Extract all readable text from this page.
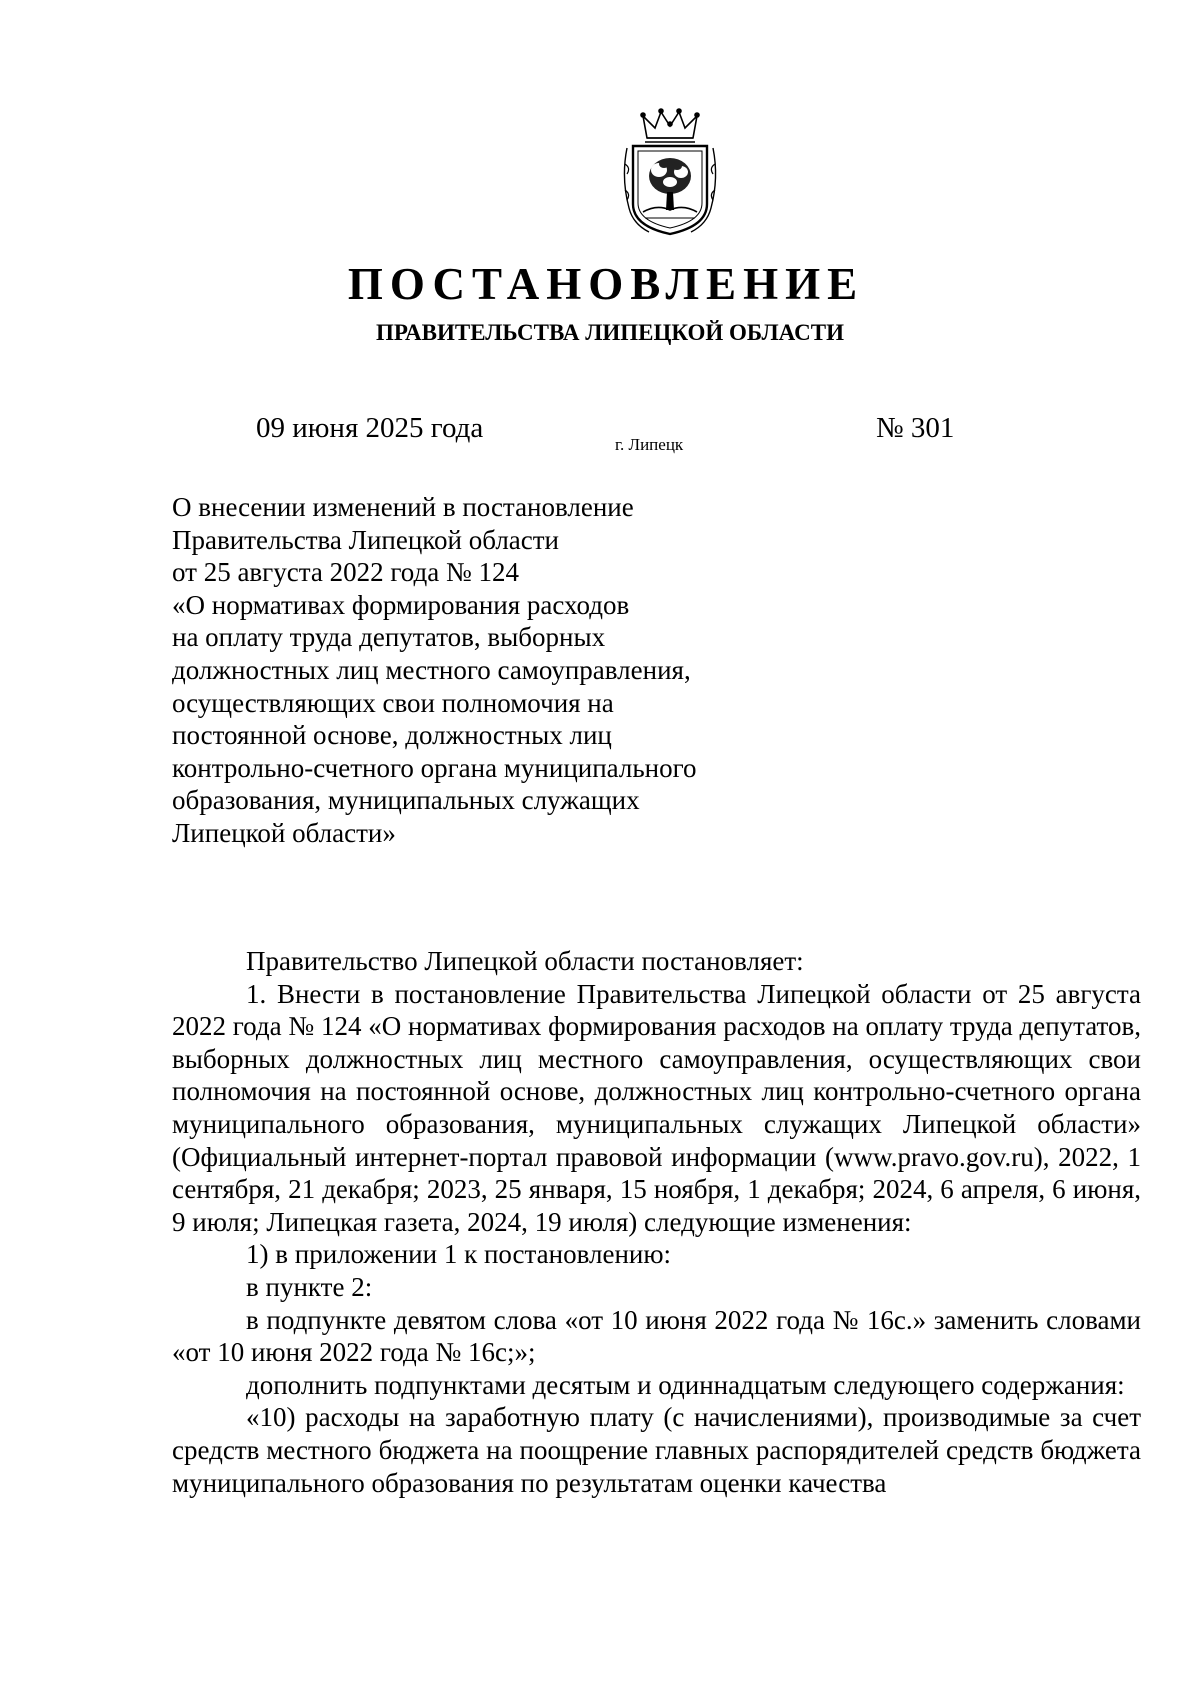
ПОСТАНОВЛЕНИЕ
ПРАВИТЕЛЬСТВА ЛИПЕЦКОЙ ОБЛАСТИ
09 июня 2025 года
г. Липецк
№ 301
О внесении изменений в постановление
Правительства Липецкой области
от 25 августа 2022 года № 124
«О нормативах формирования расходов
на оплату труда депутатов, выборных
должностных лиц местного самоуправления,
осуществляющих свои полномочия на
постоянной основе, должностных лиц
контрольно-счетного органа муниципального
образования, муниципальных служащих
Липецкой области»

Правительство Липецкой области постановляет:

1. Внести в постановление Правительства Липецкой области от 25 августа 2022 года № 124 «О нормативах формирования расходов на оплату труда депутатов, выборных должностных лиц местного самоуправления, осуществляющих свои полномочия на постоянной основе, должностных лиц контрольно-счетного органа муниципального образования, муниципальных служащих Липецкой области» (Официальный интернет-портал правовой информации (www.pravo.gov.ru), 2022, 1 сентября, 21 декабря; 2023, 25 января, 15 ноября, 1 декабря; 2024, 6 апреля, 6 июня, 9 июля; Липецкая газета, 2024, 19 июля) следующие изменения:

1) в приложении 1 к постановлению:

в пункте 2:

в подпункте девятом слова «от 10 июня 2022 года № 16с.» заменить словами «от 10 июня 2022 года № 16с;»;

дополнить подпунктами десятым и одиннадцатым следующего содержания:

«10) расходы на заработную плату (с начислениями), производимые за счет средств местного бюджета на поощрение главных распорядителей средств бюджета муниципального образования по результатам оценки качества
